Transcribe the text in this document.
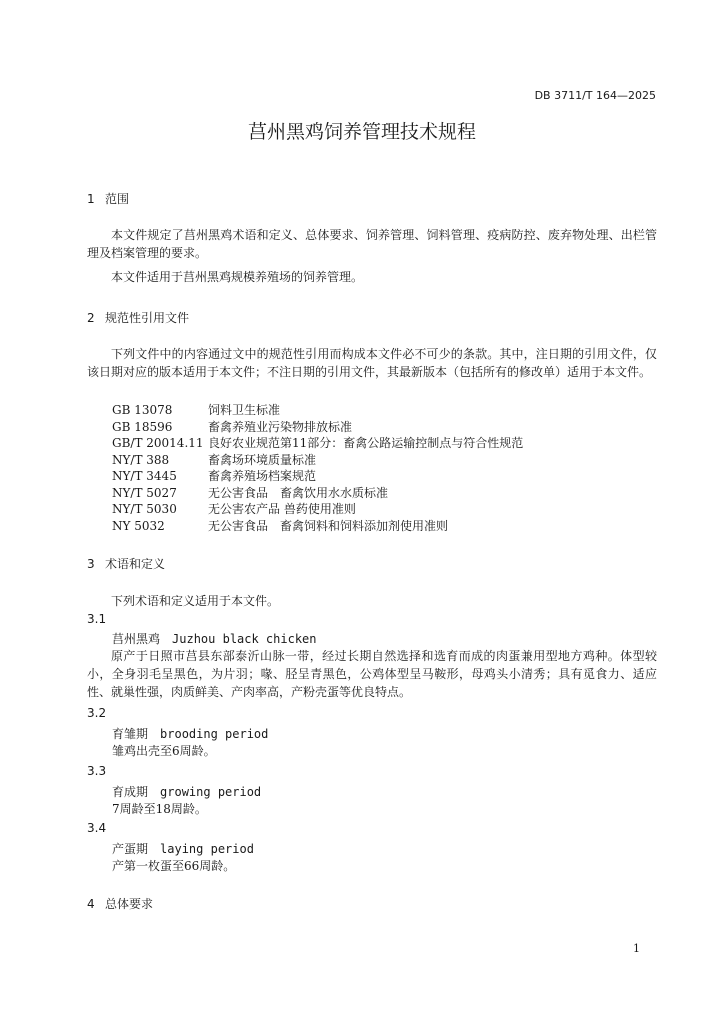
DB 3711/T 164—2025
莒州黑鸡饲养管理技术规程
1 范围
本文件规定了莒州黑鸡术语和定义、总体要求、饲养管理、饲料管理、疫病防控、废弃物处理、出栏管理及档案管理的要求。
本文件适用于莒州黑鸡规模养殖场的饲养管理。
2 规范性引用文件
下列文件中的内容通过文中的规范性引用而构成本文件必不可少的条款。其中，注日期的引用文件，仅该日期对应的版本适用于本文件；不注日期的引用文件，其最新版本（包括所有的修改单）适用于本文件。
GB 13078	饲料卫生标准
GB 18596	畜禽养殖业污染物排放标准
GB/T 20014.11 良好农业规范第11部分：畜禽公路运输控制点与符合性规范
NY/T 388	畜禽场环境质量标准
NY/T 3445	畜禽养殖场档案规范
NY/T 5027	无公害食品　畜禽饮用水水质标准
NY/T 5030	无公害农产品 兽药使用准则
NY 5032	无公害食品　畜禽饲料和饲料添加剂使用准则
3 术语和定义
下列术语和定义适用于本文件。
3.1
莒州黑鸡 Juzhou black chicken
原产于日照市莒县东部泰沂山脉一带，经过长期自然选择和选育而成的肉蛋兼用型地方鸡种。体型较小，全身羽毛呈黑色，为片羽；喙、胫呈青黑色，公鸡体型呈马鞍形，母鸡头小清秀；具有觅食力、适应性、就巢性强，肉质鲜美、产肉率高，产粉壳蛋等优良特点。
3.2
育雏期 brooding period
雏鸡出壳至6周龄。
3.3
育成期 growing period
7周龄至18周龄。
3.4
产蛋期 laying period
产第一枚蛋至66周龄。
4 总体要求
1
